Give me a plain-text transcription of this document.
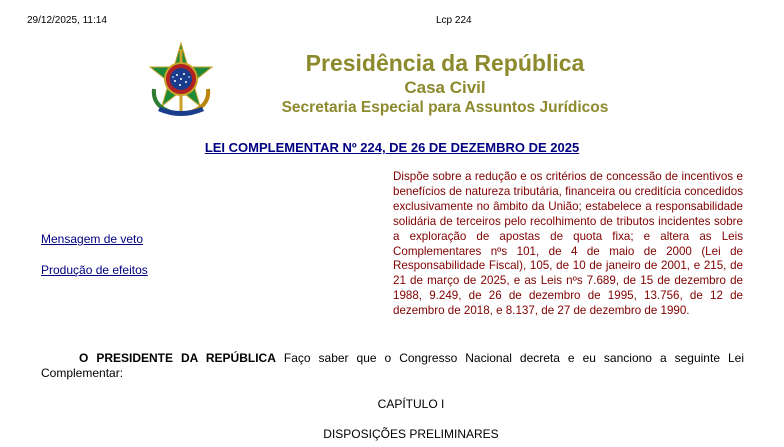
29/12/2025, 11:14	Lcp 224
Presidência da República
Casa Civil
Secretaria Especial para Assuntos Jurídicos
LEI COMPLEMENTAR Nº 224, DE 26 DE DEZEMBRO DE 2025
Dispõe sobre a redução e os critérios de concessão de incentivos e benefícios de natureza tributária, financeira ou creditícia concedidos exclusivamente no âmbito da União; estabelece a responsabilidade solidária de terceiros pelo recolhimento de tributos incidentes sobre a exploração de apostas de quota fixa; e altera as Leis Complementares nºs 101, de 4 de maio de 2000 (Lei de Responsabilidade Fiscal), 105, de 10 de janeiro de 2001, e 215, de 21 de março de 2025, e as Leis nºs 7.689, de 15 de dezembro de 1988, 9.249, de 26 de dezembro de 1995, 13.756, de 12 de dezembro de 2018, e 8.137, de 27 de dezembro de 1990.
Mensagem de veto
Produção de efeitos
O PRESIDENTE DA REPÚBLICA Faço saber que o Congresso Nacional decreta e eu sanciono a seguinte Lei Complementar:
CAPÍTULO I
DISPOSIÇÕES PRELIMINARES
